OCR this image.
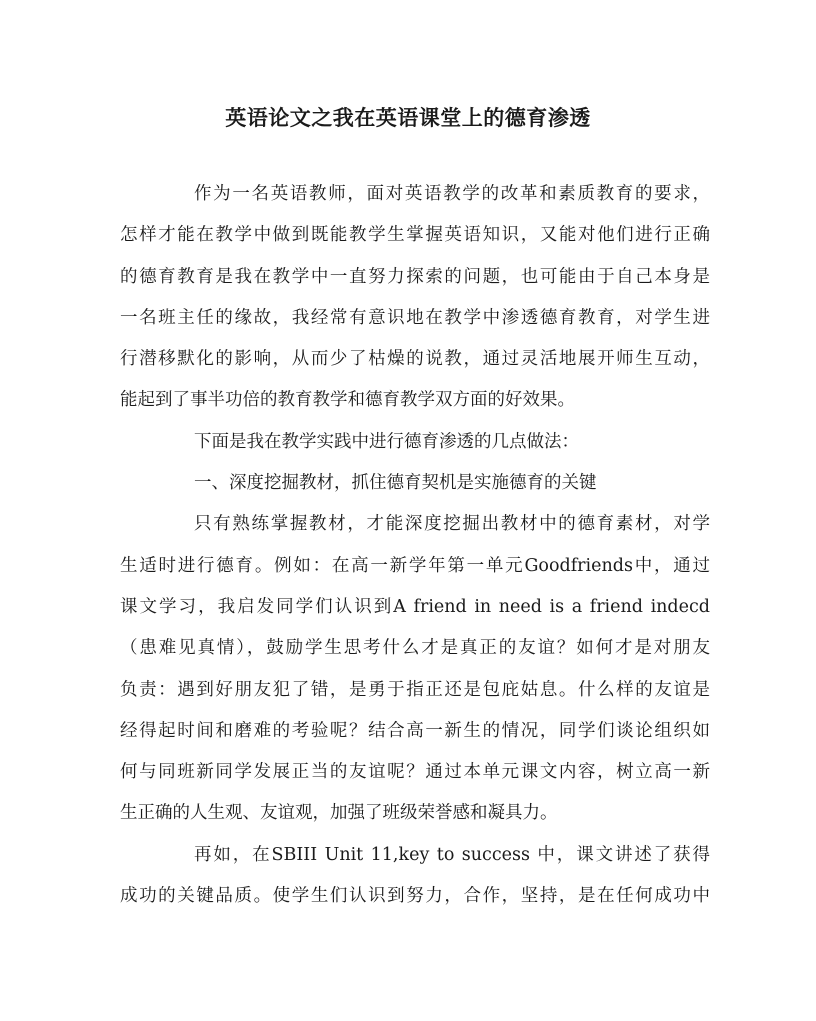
英语论文之我在英语课堂上的德育渗透
作为一名英语教师，面对英语教学的改革和素质教育的要求，
怎样才能在教学中做到既能教学生掌握英语知识，又能对他们进行正确
的德育教育是我在教学中一直努力探索的问题，也可能由于自己本身是
一名班主任的缘故，我经常有意识地在教学中渗透德育教育，对学生进
行潜移默化的影响，从而少了枯燥的说教，通过灵活地展开师生互动，
能起到了事半功倍的教育教学和德育教学双方面的好效果。
下面是我在教学实践中进行德育渗透的几点做法：
一、深度挖掘教材，抓住德育契机是实施德育的关键
只有熟练掌握教材，才能深度挖掘出教材中的德育素材，对学
生适时进行德育。例如：在高一新学年第一单元Goodfriends中，通过
课文学习，我启发同学们认识到A friend in need is a friend indecd
（患难见真情），鼓励学生思考什么才是真正的友谊？如何才是对朋友
负责：遇到好朋友犯了错，是勇于指正还是包庇姑息。什么样的友谊是
经得起时间和磨难的考验呢？结合高一新生的情况，同学们谈论组织如
何与同班新同学发展正当的友谊呢？通过本单元课文内容，树立高一新
生正确的人生观、友谊观，加强了班级荣誉感和凝具力。
再如，在SBIII Unit 11,key to success 中，课文讲述了获得
成功的关键品质。使学生们认识到努力，合作，坚持，是在任何成功中
